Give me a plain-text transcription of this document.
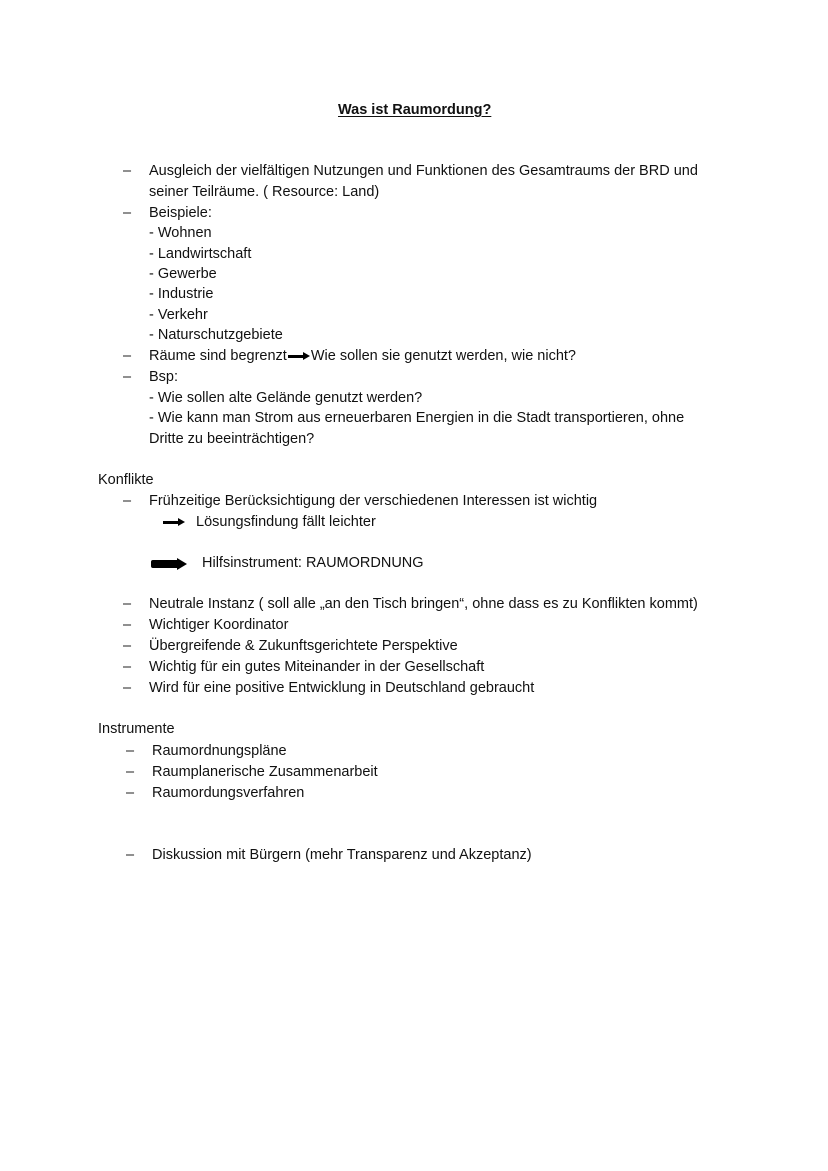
Was ist Raumordung?
– Ausgleich der vielfältigen Nutzungen und Funktionen des Gesamtraums der BRD und
seiner Teilräume. ( Resource: Land)
– Beispiele:
- Wohnen
- Landwirtschaft
- Gewerbe
- Industrie
- Verkehr
- Naturschutzgebiete
– Räume sind begrenzt Wie sollen sie genutzt werden, wie nicht?
– Bsp:
- Wie sollen alte Gelände genutzt werden?
- Wie kann man Strom aus erneuerbaren Energien in die Stadt transportieren, ohne
Dritte zu beeinträchtigen?
Konflikte
– Frühzeitige Berücksichtigung der verschiedenen Interessen ist wichtig
Lösungsfindung fällt leichter
Hilfsinstrument: RAUMORDNUNG
– Neutrale Instanz ( soll alle „an den Tisch bringen“, ohne dass es zu Konflikten kommt)
– Wichtiger Koordinator
– Übergreifende & Zukunftsgerichtete Perspektive
– Wichtig für ein gutes Miteinander in der Gesellschaft
– Wird für eine positive Entwicklung in Deutschland gebraucht
Instrumente
– Raumordnungspläne
– Raumplanerische Zusammenarbeit
– Raumordungsverfahren
– Diskussion mit Bürgern (mehr Transparenz und Akzeptanz)
